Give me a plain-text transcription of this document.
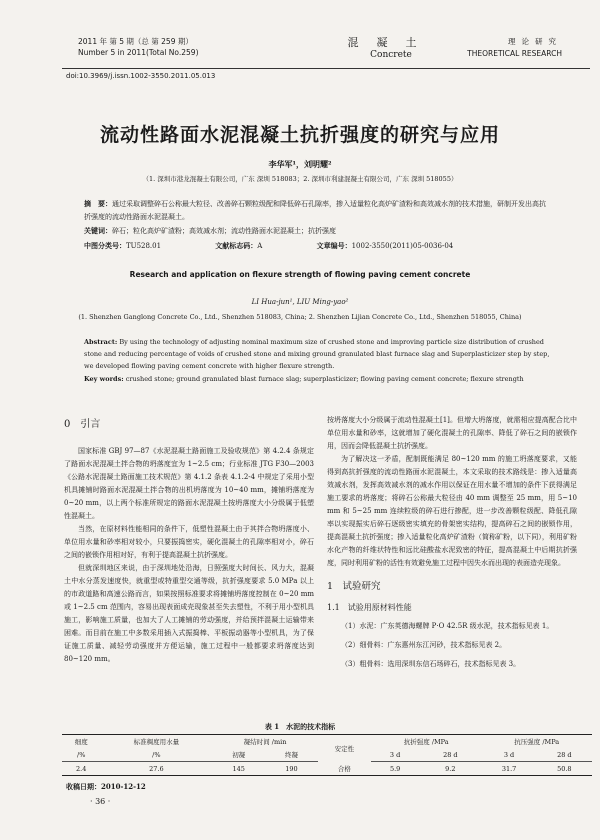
2011 年 第 5 期（总 第 259 期）
Number 5 in 2011(Total No.259)
混凝土
Concrete
理论研究
THEORETICAL RESEARCH
doi:10.3969/j.issn.1002-3550.2011.05.013
流动性路面水泥混凝土抗折强度的研究与应用
李华军¹，刘明耀²
（1. 深圳市港龙混凝土有限公司，广东 深圳 518083；2. 深圳市利建混凝土有限公司，广东 深圳 518055）
摘　要：通过采取调整碎石公称最大粒径、改善碎石颗粒级配和降低碎石孔隙率，掺入适量粒化高炉矿渣粉和高效减水剂的技术措施，研制开发出高抗折强度的流动性路面水泥混凝土。
关键词：碎石；粒化高炉矿渣粉；高效减水剂；流动性路面水泥混凝土；抗折强度
中图分类号：TU528.01	文献标志码：A	文章编号：1002-3550(2011)05-0036-04
Research and application on flexure strength of flowing paving cement concrete
LI Hua-jun¹, LIU Ming-yao²
(1. Shenzhen Ganglong Concrete Co., Ltd., Shenzhen 518083, China; 2. Shenzhen Lijian Concrete Co., Ltd., Shenzhen 518055, China)
Abstract: By using the technology of adjusting nominal maximum size of crushed stone and improving particle size distribution of crushed stone and reducing percentage of voids of crushed stone and mixing ground granulated blast furnace slag and Superplasticizer step by step, we developed flowing paving cement concrete with higher flexure strength.
Key words: crushed stone; ground granulated blast furnace slag; superplasticizer; flowing paving cement concrete; flexure strength
0　引言

国家标准 GBJ 97—87《水泥混凝土路面施工及验收规范》第 4.2.4 条规定了路面水泥混凝土拌合物的坍落度宜为 1~2.5 cm；行业标准 JTG F30—2003《公路水泥混凝土路面施工技术规范》第 4.1.2 条表 4.1.2-4 中规定了采用小型机具摊铺时路面水泥混凝土拌合物的出机坍落度为 10~40 mm，摊铺坍落度为 0~20 mm，以上两个标准所规定的路面水泥混凝土按坍落度大小分级属于低塑性混凝土。

当然，在原材料性能相同的条件下，低塑性混凝土由于其拌合物坍落度小、单位用水量和砂率相对较小，只要振捣密实，硬化混凝土的孔隙率相对小，碎石之间的嵌锁作用相对好，有利于提高混凝土抗折强度。

但就深圳地区来说，由于深圳地处沿海，日照强度大时间长、风力大，混凝土中水分蒸发速度快，就重型或特重型交通等级，抗折强度要求 5.0 MPa 以上的市政道路和高速公路而言，如果按照标准要求将摊铺坍落度控制在 0~20 mm 或 1~2.5 cm 范围内，容易出现表面成壳现象甚至失去塑性，不利于用小型机具施工，影响施工质量，也加大了人工摊铺的劳动强度，并给预拌混凝土运输带来困难。而目前在施工中多数采用插入式振捣棒、平板振动器等小型机具，为了保证施工质量、减轻劳动强度并方便运输，施工过程中一般都要求坍落度达到 80~120 mm。

按坍落度大小分级属于流动性混凝土[1]。但增大坍落度，就需相应提高配合比中单位用水量和砂率，这就增加了硬化混凝土的孔隙率、降低了碎石之间的嵌锁作用，因而会降低混凝土抗折强度。

为了解决这一矛盾，配制既能满足 80~120 mm 的施工坍落度要求，又能得到高抗折强度的流动性路面水泥混凝土，本文采取的技术路线是：掺入适量高效减水剂，发挥高效减水剂的减水作用以保证在用水量不增加的条件下获得满足施工要求的坍落度；将碎石公称最大粒径由 40 mm 调整至 25 mm，用 5~10 mm 和 5~25 mm 连续粒级的碎石进行掺配，进一步改善颗粒级配、降低孔隙率以实现振实后碎石逐级密实填充的骨架密实结构，提高碎石之间的嵌锁作用，提高混凝土抗折强度；掺入适量粒化高炉矿渣粉（简称矿粉，以下同），利用矿粉水化产物的纤维状特性和远比硅酸盐水泥致密的特征，提高混凝土中后期抗折强度，同时利用矿粉的活性有效避免施工过程中因失水而出现的表面造壳现象。

1　试验研究
1.1　试验用原材料性能

（1）水泥：广东英德海螺牌 P·O 42.5R 级水泥，技术指标见表 1。

（2）细骨料：广东惠州东江河砂，技术指标见表 2。

（3）粗骨料：选用深圳东信石场碎石，技术指标见表 3。

表 1　水泥的技术指标
细度	标准稠度用水量	凝结时间 /min		安定性	抗折强度 /MPa		抗压强度 /MPa	
/%	/%	初凝	终凝		3 d	28 d	3 d	28 d
2.4	27.6	145	190	合格	5.9	9.2	31.7	50.8
收稿日期：2010-12-12
· 36 ·
